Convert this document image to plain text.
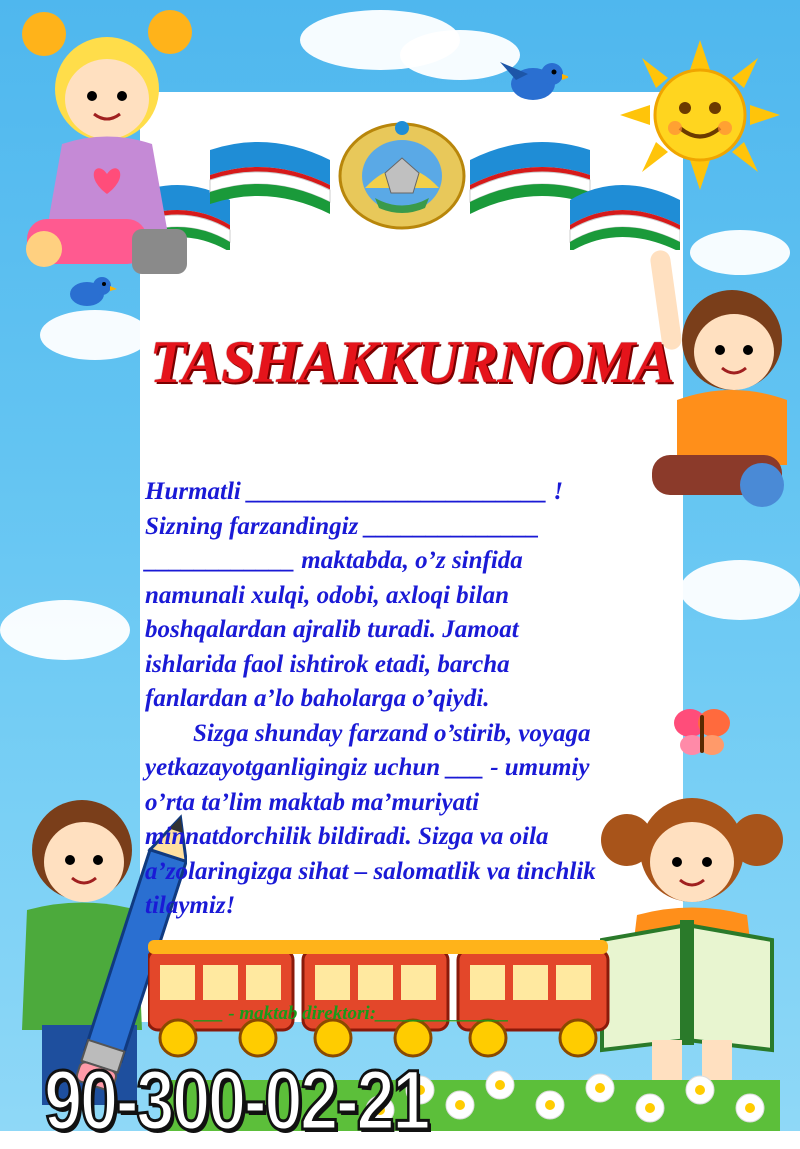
TASHAKKURNOMA
Hurmatli ________________________ !
Sizning farzandingiz ______________
____________ maktabda, o’z sinfida
namunali xulqi, odobi, axloqi bilan
boshqalardan ajralib turadi. Jamoat
ishlarida faol ishtirok etadi, barcha
fanlardan a’lo baholarga o’qiydi.
Sizga shunday farzand o’stirib, voyaga
yetkazayotganligingiz uchun ___ - umumiy
o’rta ta’lim maktab ma’muriyati
minnatdorchilik bildiradi. Sizga va oila
a’zolaringizga sihat – salomatlik va tinchlik
tilaymiz!
___ - maktab direktori:______________
90-300-02-21
